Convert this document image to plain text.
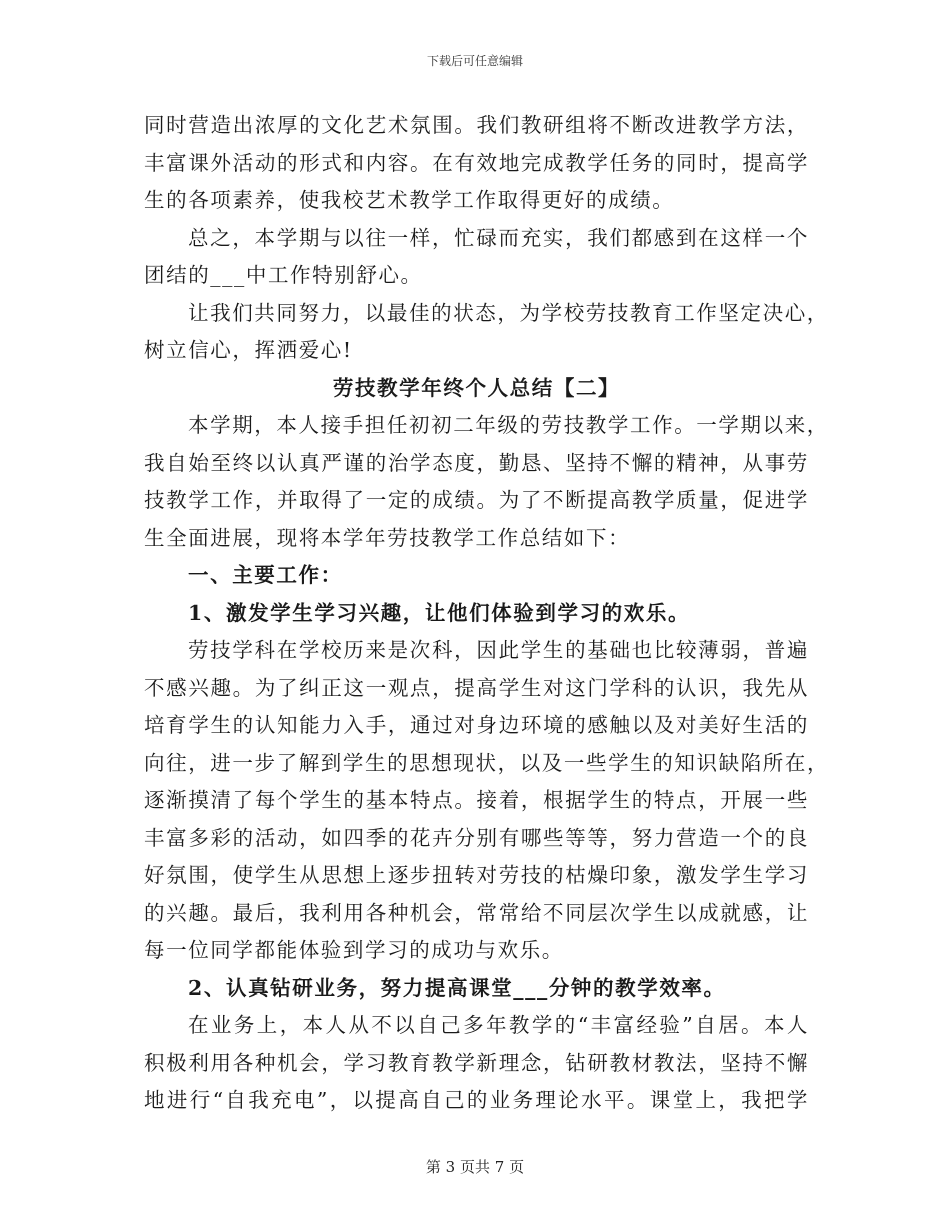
下载后可任意编辑
同时营造出浓厚的文化艺术氛围。我们教研组将不断改进教学方法，
丰富课外活动的形式和内容。在有效地完成教学任务的同时，提高学
生的各项素养，使我校艺术教学工作取得更好的成绩。
总之，本学期与以往一样，忙碌而充实，我们都感到在这样一个
团结的___中工作特别舒心。
让我们共同努力，以最佳的状态，为学校劳技教育工作坚定决心，
树立信心，挥洒爱心!
劳技教学年终个人总结【二】
本学期，本人接手担任初初二年级的劳技教学工作。一学期以来，
我自始至终以认真严谨的治学态度，勤恳、坚持不懈的精神，从事劳
技教学工作，并取得了一定的成绩。为了不断提高教学质量，促进学
生全面进展，现将本学年劳技教学工作总结如下：
一、主要工作：
1、激发学生学习兴趣，让他们体验到学习的欢乐。
劳技学科在学校历来是次科，因此学生的基础也比较薄弱，普遍
不感兴趣。为了纠正这一观点，提高学生对这门学科的认识，我先从
培育学生的认知能力入手，通过对身边环境的感触以及对美好生活的
向往，进一步了解到学生的思想现状，以及一些学生的知识缺陷所在，
逐渐摸清了每个学生的基本特点。接着，根据学生的特点，开展一些
丰富多彩的活动，如四季的花卉分别有哪些等等，努力营造一个的良
好氛围，使学生从思想上逐步扭转对劳技的枯燥印象，激发学生学习
的兴趣。最后，我利用各种机会，常常给不同层次学生以成就感，让
每一位同学都能体验到学习的成功与欢乐。
2、认真钻研业务，努力提高课堂___分钟的教学效率。
在业务上，本人从不以自己多年教学的“丰富经验”自居。本人
积极利用各种机会，学习教育教学新理念，钻研教材教法，坚持不懈
地进行“自我充电”，以提高自己的业务理论水平。课堂上，我把学
第 3 页共 7 页
